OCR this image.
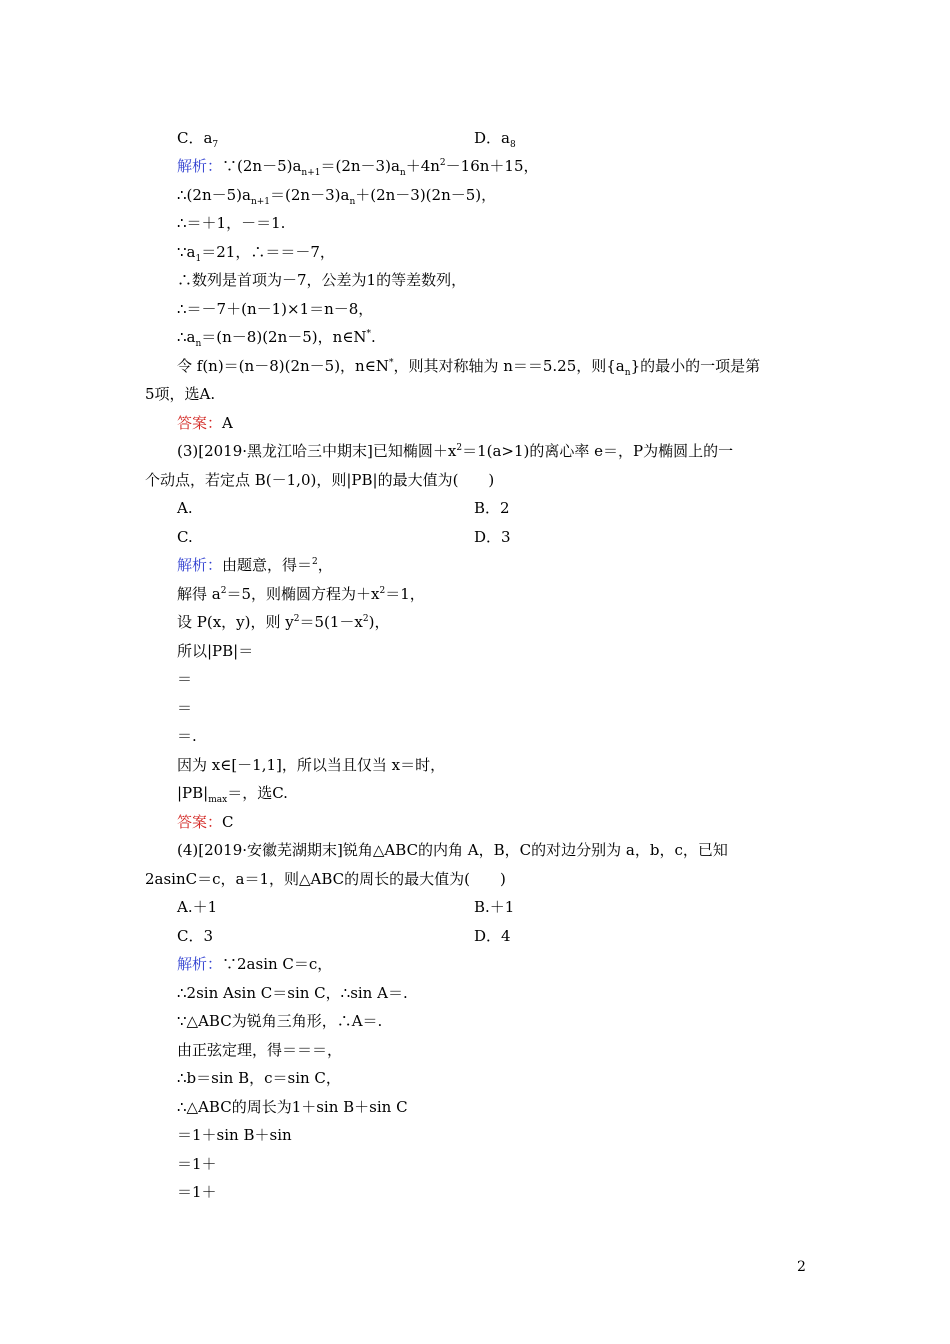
2
C．$a_7$	D．$a_8$
解析：$\because(2n-5)a_{n+1}=(2n-3)a_n+4n^2-16n+15$，
$\therefore(2n-5)a_{n+1}=(2n-3)a_n+(2n-3)(2n-5)$，
∴＝＋1，－＝1.
$\because a_1=21$，∴＝＝－7，
∴数列是首项为－7，公差为1的等差数列，
∴＝－7＋(n－1)×1＝n－8，
$\therefore a_n=(n-8)(2n-5)$，n∈N*.
令 f(n)＝(n－8)(2n－5)，n∈N*，则其对称轴为 n＝＝5.25，则$\{a_n\}$的最小的一项是第
5项，选A.
答案：A
(3)[2019·黑龙江哈三中期末]已知椭圆$+x^2=1(a>1)$的离心率 e＝，P为椭圆上的一
个动点，若定点 B(－1,0)，则|PB|的最大值为(　　)
A.	B．2
C.	D．3
解析：由题意，得＝$^2$，
解得 $a^2=5$，则椭圆方程为$+x^2=1$，
设 P(x，y)，则 $y^2=5(1-x^2)$，
所以|PB|＝
＝
＝
＝.
因为 x∈[－1,1]，所以当且仅当 x＝时，
$|PB|_{max}=$，选C.
答案：C
(4)[2019·安徽芜湖期末]锐角△ABC的内角 A，B，C的对边分别为 a，b，c，已知
2asinC＝c，a＝1，则△ABC的周长的最大值为(　　)
A.＋1	B.＋1
C．3	D．4
解析：∵2asin C＝c，
∴2sin Asin C＝sin C，∴sin A＝.
∵△ABC为锐角三角形，∴A＝.
由正弦定理，得＝＝＝，
∴b＝sin B，c＝sin C，
∴△ABC的周长为1＋sin B＋sin C
＝1＋sin B＋sin
＝1＋
＝1＋
